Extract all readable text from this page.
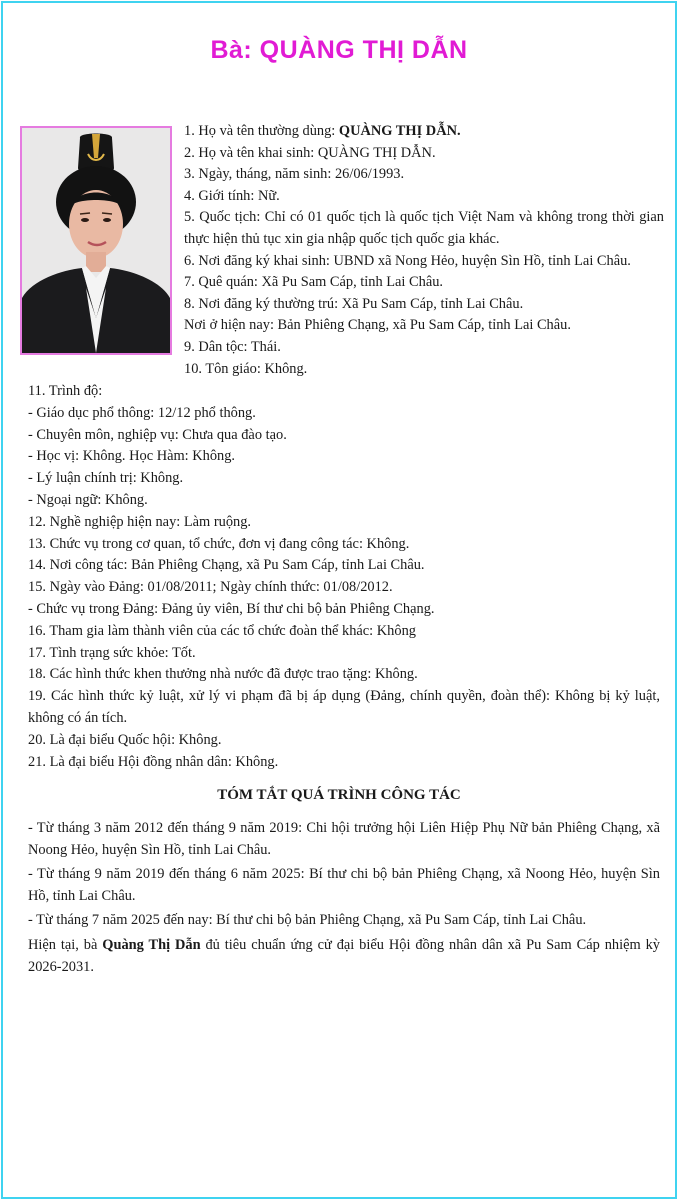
Bà: QUÀNG THỊ DẪN
1. Họ và tên thường dùng: QUÀNG THỊ DẪN.
2. Họ và tên khai sinh: QUÀNG THỊ DẪN.
3. Ngày, tháng, năm sinh: 26/06/1993.
4. Giới tính: Nữ.
5. Quốc tịch: Chỉ có 01 quốc tịch là quốc tịch Việt Nam và không trong thời gian thực hiện thủ tục xin gia nhập quốc tịch quốc gia khác.
6. Nơi đăng ký khai sinh: UBND xã Nong Hẻo, huyện Sìn Hồ, tỉnh Lai Châu.
7. Quê quán: Xã Pu Sam Cáp, tỉnh Lai Châu.
8. Nơi đăng ký thường trú: Xã Pu Sam Cáp, tỉnh Lai Châu.
Nơi ở hiện nay: Bản Phiêng Chạng, xã Pu Sam Cáp, tỉnh Lai Châu.
9. Dân tộc: Thái.
10. Tôn giáo: Không.
11. Trình độ:
- Giáo dục phổ thông: 12/12 phổ thông.
- Chuyên môn, nghiệp vụ: Chưa qua đào tạo.
- Học vị: Không. Học Hàm: Không.
- Lý luận chính trị: Không.
- Ngoại ngữ: Không.
12. Nghề nghiệp hiện nay: Làm ruộng.
13. Chức vụ trong cơ quan, tổ chức, đơn vị đang công tác: Không.
14. Nơi công tác: Bản Phiêng Chạng, xã Pu Sam Cáp, tỉnh Lai Châu.
15. Ngày vào Đảng: 01/08/2011; Ngày chính thức: 01/08/2012.
- Chức vụ trong Đảng: Đảng ủy viên, Bí thư chi bộ bản Phiêng Chạng.
16. Tham gia làm thành viên của các tổ chức đoàn thể khác: Không
17. Tình trạng sức khỏe: Tốt.
18. Các hình thức khen thưởng nhà nước đã được trao tặng: Không.
19. Các hình thức kỷ luật, xử lý vi phạm đã bị áp dụng (Đảng, chính quyền, đoàn thể): Không bị kỷ luật, không có án tích.
20. Là đại biểu Quốc hội: Không.
21. Là đại biểu Hội đồng nhân dân: Không.
TÓM TẮT QUÁ TRÌNH CÔNG TÁC
- Từ tháng 3 năm 2012 đến tháng 9 năm 2019: Chi hội trưởng hội Liên Hiệp Phụ Nữ bản Phiêng Chạng, xã Noong Hẻo, huyện Sìn Hồ, tỉnh Lai Châu.
- Từ tháng 9 năm 2019 đến tháng 6 năm 2025: Bí thư chi bộ bản Phiêng Chạng, xã Noong Hẻo, huyện Sìn Hồ, tỉnh Lai Châu.
- Từ tháng 7 năm 2025 đến nay: Bí thư chi bộ bản Phiêng Chạng, xã Pu Sam Cáp, tỉnh Lai Châu.
Hiện tại, bà Quàng Thị Dẫn đủ tiêu chuẩn ứng cử đại biểu Hội đồng nhân dân xã Pu Sam Cáp nhiệm kỳ 2026-2031.
